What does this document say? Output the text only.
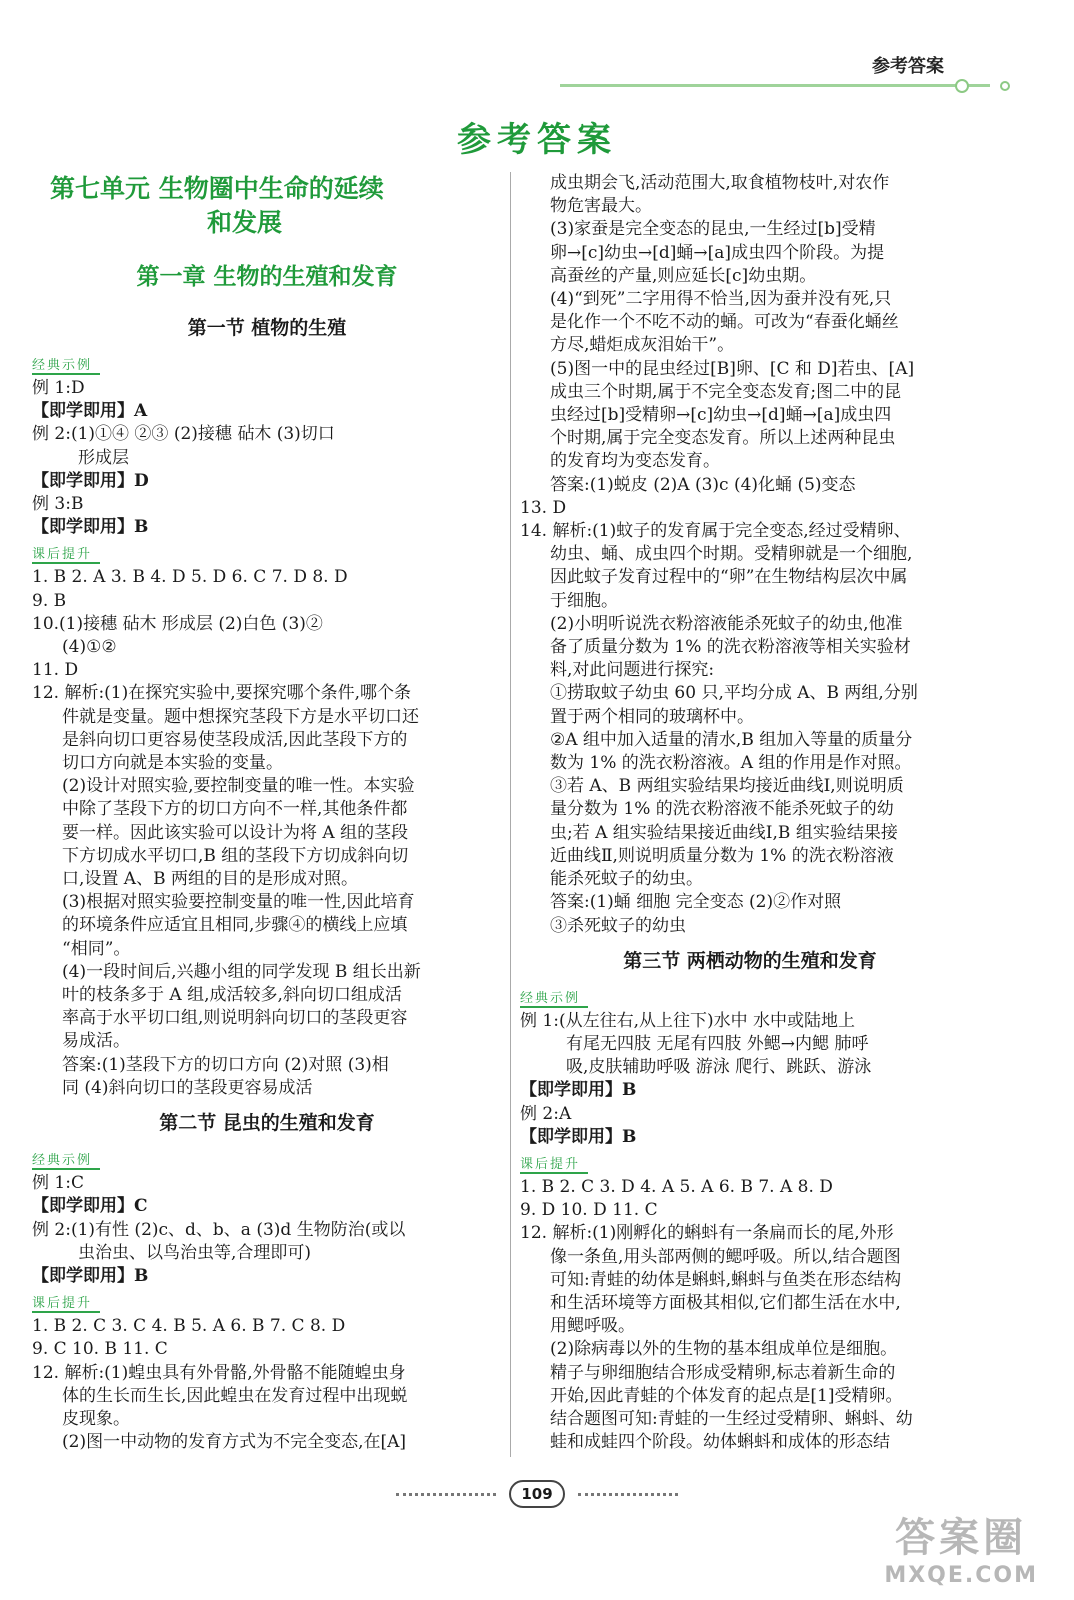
参考答案
参考答案

第七单元 生物圈中生命的延续

和发展

第一章 生物的生殖和发育
第一节 植物的生殖
经典示例

例 1:D

【即学即用】A

例 2:(1)①④ ②③ (2)接穗 砧木 (3)切口

形成层

【即学即用】D

例 3:B

【即学即用】B

课后提升

1. B 2. A 3. B 4. D 5. D 6. C 7. D 8. D

9. B

10.(1)接穗 砧木 形成层 (2)白色 (3)②

(4)①②

11. D

12. 解析:(1)在探究实验中,要探究哪个条件,哪个条

件就是变量。题中想探究茎段下方是水平切口还

是斜向切口更容易使茎段成活,因此茎段下方的

切口方向就是本实验的变量。

(2)设计对照实验,要控制变量的唯一性。本实验

中除了茎段下方的切口方向不一样,其他条件都

要一样。因此该实验可以设计为将 A 组的茎段

下方切成水平切口,B 组的茎段下方切成斜向切

口,设置 A、B 两组的目的是形成对照。

(3)根据对照实验要控制变量的唯一性,因此培育

的环境条件应适宜且相同,步骤④的横线上应填

“相同”。

(4)一段时间后,兴趣小组的同学发现 B 组长出新

叶的枝条多于 A 组,成活较多,斜向切口组成活

率高于水平切口组,则说明斜向切口的茎段更容

易成活。

答案:(1)茎段下方的切口方向 (2)对照 (3)相

同 (4)斜向切口的茎段更容易成活

第二节 昆虫的生殖和发育
经典示例

例 1:C

【即学即用】C

例 2:(1)有性 (2)c、d、b、a (3)d 生物防治(或以

虫治虫、以鸟治虫等,合理即可)

【即学即用】B

课后提升

1. B 2. C 3. C 4. B 5. A 6. B 7. C 8. D

9. C 10. B 11. C

12. 解析:(1)蝗虫具有外骨骼,外骨骼不能随蝗虫身

体的生长而生长,因此蝗虫在发育过程中出现蜕

皮现象。

(2)图一中动物的发育方式为不完全变态,在[A]

成虫期会飞,活动范围大,取食植物枝叶,对农作

物危害最大。

(3)家蚕是完全变态的昆虫,一生经过[b]受精

卵→[c]幼虫→[d]蛹→[a]成虫四个阶段。为提

高蚕丝的产量,则应延长[c]幼虫期。

(4)“到死”二字用得不恰当,因为蚕并没有死,只

是化作一个不吃不动的蛹。可改为“春蚕化蛹丝

方尽,蜡炬成灰泪始干”。

(5)图一中的昆虫经过[B]卵、[C 和 D]若虫、[A]

成虫三个时期,属于不完全变态发育;图二中的昆

虫经过[b]受精卵→[c]幼虫→[d]蛹→[a]成虫四

个时期,属于完全变态发育。所以上述两种昆虫

的发育均为变态发育。

答案:(1)蜕皮 (2)A (3)c (4)化蛹 (5)变态

13. D

14. 解析:(1)蚊子的发育属于完全变态,经过受精卵、

幼虫、蛹、成虫四个时期。受精卵就是一个细胞,

因此蚊子发育过程中的“卵”在生物结构层次中属

于细胞。

(2)小明听说洗衣粉溶液能杀死蚊子的幼虫,他准

备了质量分数为 1% 的洗衣粉溶液等相关实验材

料,对此问题进行探究:

①捞取蚊子幼虫 60 只,平均分成 A、B 两组,分别

置于两个相同的玻璃杯中。

②A 组中加入适量的清水,B 组加入等量的质量分

数为 1% 的洗衣粉溶液。A 组的作用是作对照。

③若 A、B 两组实验结果均接近曲线Ⅰ,则说明质

量分数为 1% 的洗衣粉溶液不能杀死蚊子的幼

虫;若 A 组实验结果接近曲线Ⅰ,B 组实验结果接

近曲线Ⅱ,则说明质量分数为 1% 的洗衣粉溶液

能杀死蚊子的幼虫。

答案:(1)蛹 细胞 完全变态 (2)②作对照

③杀死蚊子的幼虫

第三节 两栖动物的生殖和发育
经典示例

例 1:(从左往右,从上往下)水中 水中或陆地上

有尾无四肢 无尾有四肢 外鳃→内鳃 肺呼

吸,皮肤辅助呼吸 游泳 爬行、跳跃、游泳

【即学即用】B

例 2:A

【即学即用】B

课后提升

1. B 2. C 3. D 4. A 5. A 6. B 7. A 8. D

9. D 10. D 11. C

12. 解析:(1)刚孵化的蝌蚪有一条扁而长的尾,外形

像一条鱼,用头部两侧的鳃呼吸。所以,结合题图

可知:青蛙的幼体是蝌蚪,蝌蚪与鱼类在形态结构

和生活环境等方面极其相似,它们都生活在水中,

用鳃呼吸。

(2)除病毒以外的生物的基本组成单位是细胞。

精子与卵细胞结合形成受精卵,标志着新生命的

开始,因此青蛙的个体发育的起点是[1]受精卵。

结合题图可知:青蛙的一生经过受精卵、蝌蚪、幼

蛙和成蛙四个阶段。幼体蝌蚪和成体的形态结

109
答案圈
MXQE.COM
